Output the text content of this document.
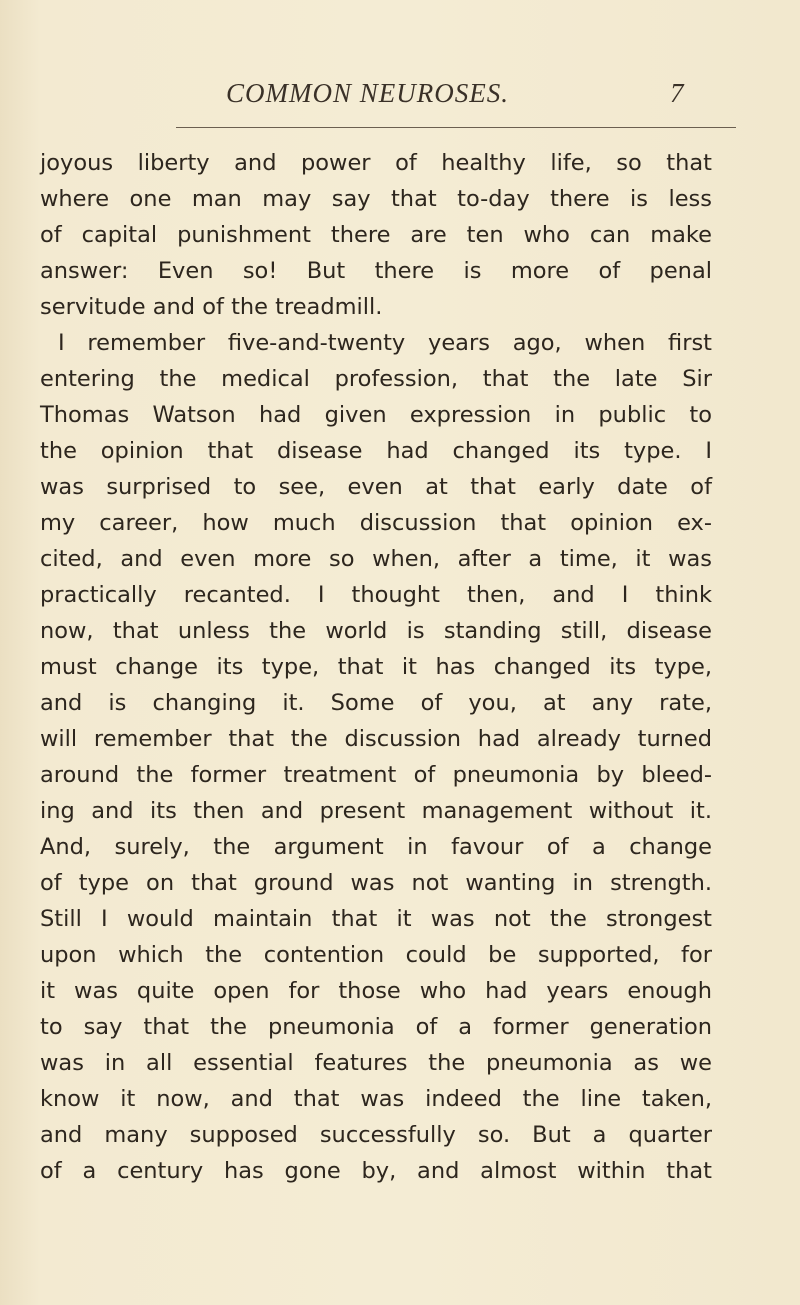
COMMON NEUROSES.	7
joyous liberty and power of healthy life, so that
where one man may say that to-day there is less
of capital punishment there are ten who can make
answer: Even so! But there is more of penal
servitude and of the treadmill.
I remember five-and-twenty years ago, when first
entering the medical profession, that the late Sir
Thomas Watson had given expression in public to
the opinion that disease had changed its type. I
was surprised to see, even at that early date of
my career, how much discussion that opinion ex-
cited, and even more so when, after a time, it was
practically recanted. I thought then, and I think
now, that unless the world is standing still, disease
must change its type, that it has changed its type,
and is changing it. Some of you, at any rate,
will remember that the discussion had already turned
around the former treatment of pneumonia by bleed-
ing and its then and present management without it.
And, surely, the argument in favour of a change
of type on that ground was not wanting in strength.
Still I would maintain that it was not the strongest
upon which the contention could be supported, for
it was quite open for those who had years enough
to say that the pneumonia of a former generation
was in all essential features the pneumonia as we
know it now, and that was indeed the line taken,
and many supposed successfully so. But a quarter
of a century has gone by, and almost within that
